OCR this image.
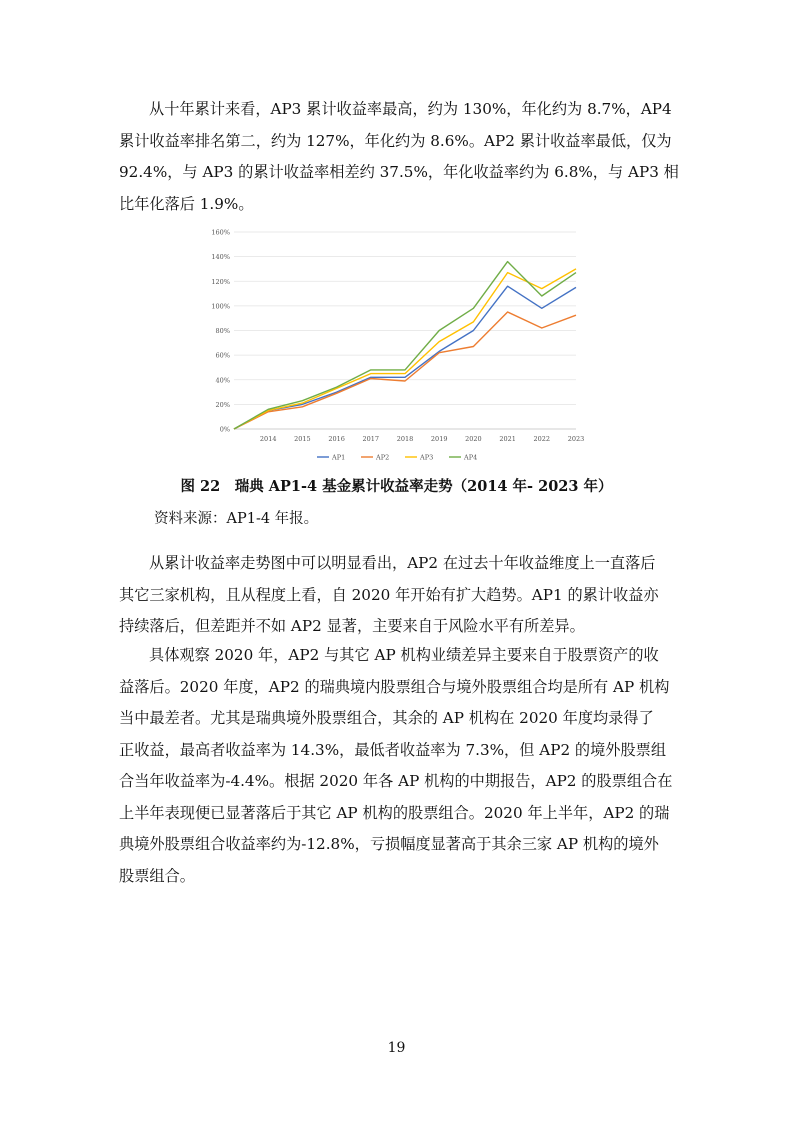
从十年累计来看，AP3 累计收益率最高，约为 130%，年化约为 8.7%，AP4
累计收益率排名第二，约为 127%，年化约为 8.6%。AP2 累计收益率最低，仅为
92.4%，与 AP3 的累计收益率相差约 37.5%，年化收益率约为 6.8%，与 AP3 相
比年化落后 1.9%。
0%
20%
40%
60%
80%
100%
120%
140%
160%
2014	2015	2016	2017	2018	2019	2020	2021	2022	2023
AP1	AP2	AP3	AP4

图 22　瑞典 AP1-4 基金累计收益率走势（2014 年- 2023 年）

资料来源：AP1-4 年报。

从累计收益率走势图中可以明显看出，AP2 在过去十年收益维度上一直落后
其它三家机构，且从程度上看，自 2020 年开始有扩大趋势。AP1 的累计收益亦
持续落后，但差距并不如 AP2 显著，主要来自于风险水平有所差异。
具体观察 2020 年，AP2 与其它 AP 机构业绩差异主要来自于股票资产的收
益落后。2020 年度，AP2 的瑞典境内股票组合与境外股票组合均是所有 AP 机构
当中最差者。尤其是瑞典境外股票组合，其余的 AP 机构在 2020 年度均录得了
正收益，最高者收益率为 14.3%，最低者收益率为 7.3%，但 AP2 的境外股票组
合当年收益率为-4.4%。根据 2020 年各 AP 机构的中期报告，AP2 的股票组合在
上半年表现便已显著落后于其它 AP 机构的股票组合。2020 年上半年，AP2 的瑞
典境外股票组合收益率约为-12.8%，亏损幅度显著高于其余三家 AP 机构的境外
股票组合。

19
